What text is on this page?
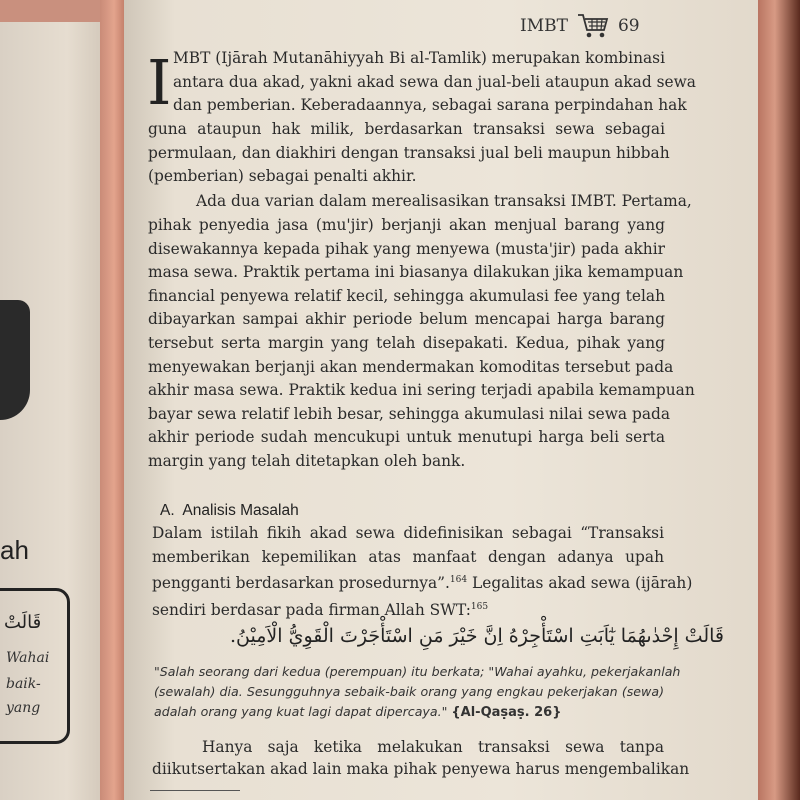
ah
قَالَتْ
Wahai
baik-
yang
IMBT	69
I MBT (Ijārah Mutanāhiyyah Bi al-Tamlik) merupakan kombinasi
antara dua akad, yakni akad sewa dan jual-beli ataupun akad sewa
dan pemberian. Keberadaannya, sebagai sarana perpindahan hak
guna ataupun hak milik, berdasarkan transaksi sewa sebagai
permulaan, dan diakhiri dengan transaksi jual beli maupun hibbah
(pemberian) sebagai penalti akhir.
Ada dua varian dalam merealisasikan transaksi IMBT. Pertama,
pihak penyedia jasa (mu'jir) berjanji akan menjual barang yang
disewakannya kepada pihak yang menyewa (musta'jir) pada akhir
masa sewa. Praktik pertama ini biasanya dilakukan jika kemampuan
financial penyewa relatif kecil, sehingga akumulasi fee yang telah
dibayarkan sampai akhir periode belum mencapai harga barang
tersebut serta margin yang telah disepakati. Kedua, pihak yang
menyewakan berjanji akan mendermakan komoditas tersebut pada
akhir masa sewa. Praktik kedua ini sering terjadi apabila kemampuan
bayar sewa relatif lebih besar, sehingga akumulasi nilai sewa pada
akhir periode sudah mencukupi untuk menutupi harga beli serta
margin yang telah ditetapkan oleh bank.
A. Analisis Masalah
Dalam istilah fikih akad sewa didefinisikan sebagai “Transaksi
memberikan kepemilikan atas manfaat dengan adanya upah
pengganti berdasarkan prosedurnya”.$^{164}$ Legalitas akad sewa (ijārah)
sendiri berdasar pada firman Allah SWT:$^{165}$
قَالَتْ إِحْدٰىهُمَا يٰٓاَبَتِ اسْتَأْجِرْهُ اِنَّ خَيْرَ مَنِ اسْتَأْجَرْتَ الْقَوِيُّ الْاَمِيْنُ.
"Salah seorang dari kedua (perempuan) itu berkata; "Wahai ayahku, pekerjakanlah
(sewalah) dia. Sesungguhnya sebaik-baik orang yang engkau pekerjakan (sewa)
adalah orang yang kuat lagi dapat dipercaya." {Al-Qaṣaṣ. 26}
Hanya saja ketika melakukan transaksi sewa tanpa
diikutsertakan akad lain maka pihak penyewa harus mengembalikan
